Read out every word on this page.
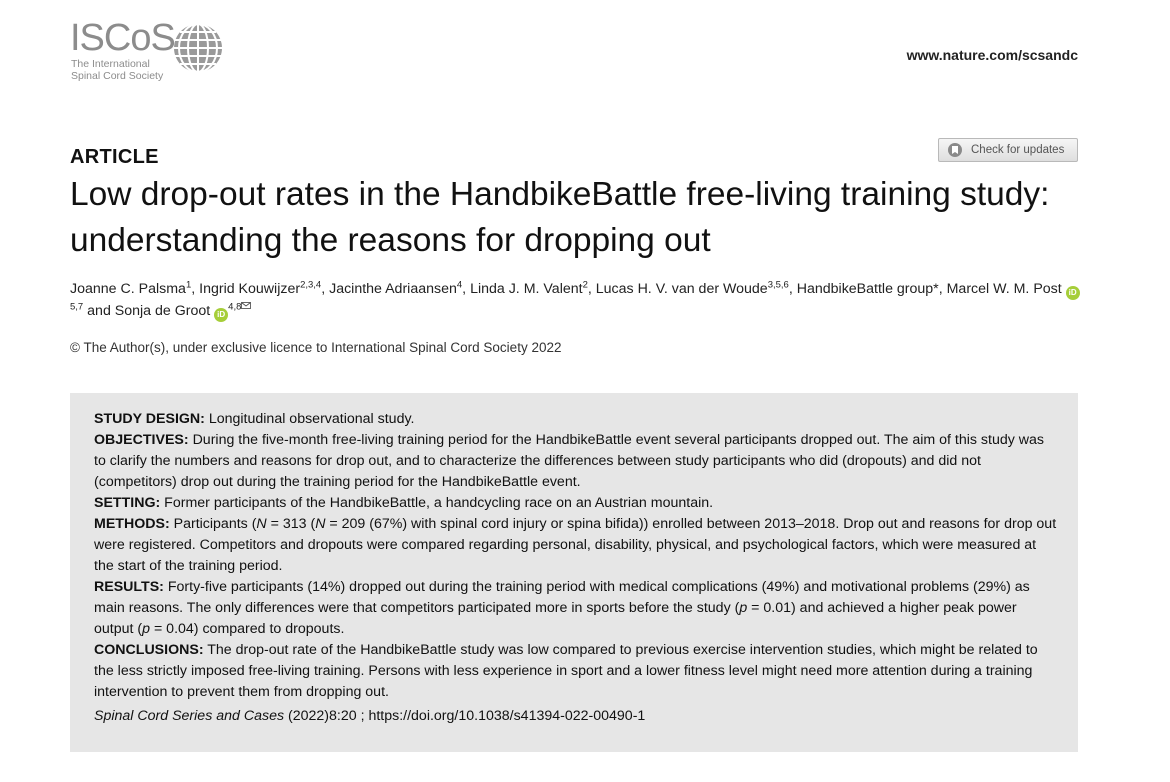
ISCoS
The International
Spinal Cord Society
www.nature.com/scsandc
Check for updates
ARTICLE
Low drop-out rates in the HandbikeBattle free-living training study: understanding the reasons for dropping out
Joanne C. Palsma$^1$, Ingrid Kouwijzer$^{2,3,4}$, Jacinthe Adriaansen$^4$, Linda J. M. Valent$^2$, Lucas H. V. van der Woude$^{3,5,6}$, HandbikeBattle group*, Marcel W. M. Post iD$^{5,7}$ and Sonja de Groot iD$^{4,8}$
© The Author(s), under exclusive licence to International Spinal Cord Society 2022

STUDY DESIGN: Longitudinal observational study.

OBJECTIVES: During the five-month free-living training period for the HandbikeBattle event several participants dropped out. The aim of this study was to clarify the numbers and reasons for drop out, and to characterize the differences between study participants who did (dropouts) and did not (competitors) drop out during the training period for the HandbikeBattle event.

SETTING: Former participants of the HandbikeBattle, a handcycling race on an Austrian mountain.

METHODS: Participants (N = 313 (N = 209 (67%) with spinal cord injury or spina bifida)) enrolled between 2013–2018. Drop out and reasons for drop out were registered. Competitors and dropouts were compared regarding personal, disability, physical, and psychological factors, which were measured at the start of the training period.

RESULTS: Forty-five participants (14%) dropped out during the training period with medical complications (49%) and motivational problems (29%) as main reasons. The only differences were that competitors participated more in sports before the study (p = 0.01) and achieved a higher peak power output (p = 0.04) compared to dropouts.

CONCLUSIONS: The drop-out rate of the HandbikeBattle study was low compared to previous exercise intervention studies, which might be related to the less strictly imposed free-living training. Persons with less experience in sport and a lower fitness level might need more attention during a training intervention to prevent them from dropping out.

Spinal Cord Series and Cases (2022)8:20 ; https://doi.org/10.1038/s41394-022-00490-1
